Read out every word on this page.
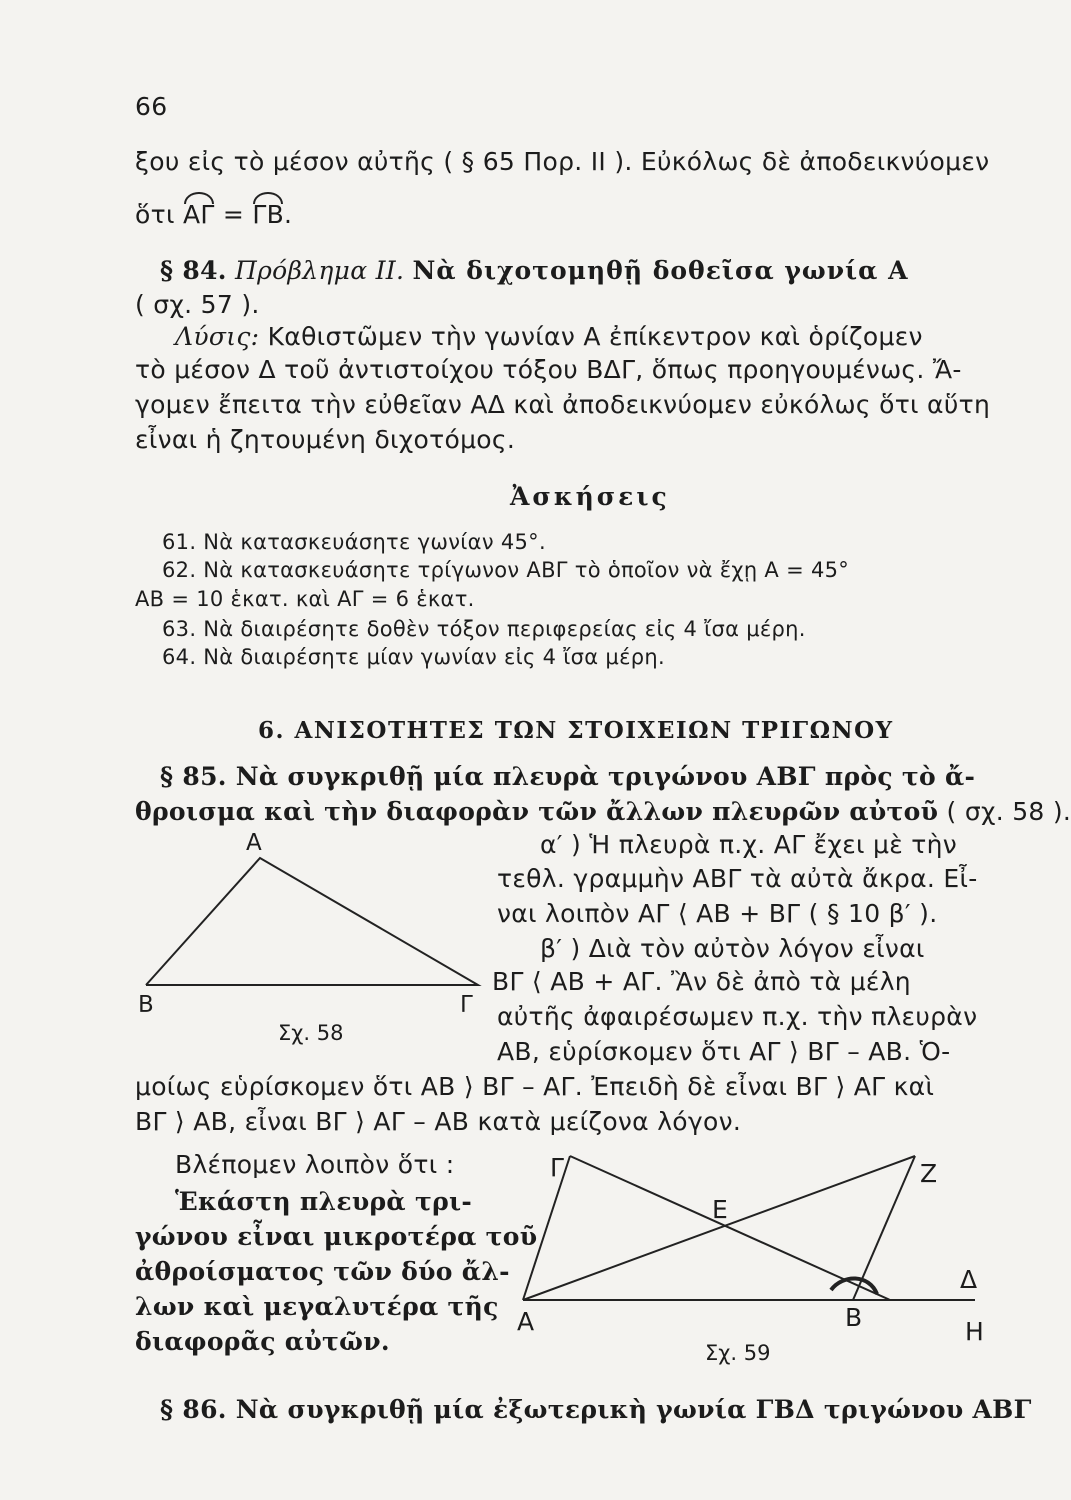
66
ξου εἰς τὸ μέσον αὐτῆς ( § 65 Πορ. ΙΙ ). Εὐκόλως δὲ ἀποδεικνύομεν
ὅτι ΑΓ = ΓΒ.
§ 84. Πρόβλημα ΙΙ. Νὰ διχοτομηθῇ δοθεῖσα γωνία Α
( σχ. 57 ).
Λύσις: Καθιστῶμεν τὴν γωνίαν Α ἐπίκεντρον καὶ ὁρίζομεν
τὸ μέσον Δ τοῦ ἀντιστοίχου τόξου ΒΔΓ, ὅπως προηγουμένως. Ἄ-
γομεν ἔπειτα τὴν εὐθεῖαν ΑΔ καὶ ἀποδεικνύομεν εὐκόλως ὅτι αὕτη
εἶναι ἡ ζητουμένη διχοτόμος.
Ἀσκήσεις
61. Νὰ κατασκευάσητε γωνίαν 45°.
62. Νὰ κατασκευάσητε τρίγωνον ΑΒΓ τὸ ὁποῖον νὰ ἔχῃ Α = 45°
ΑΒ = 10 ἑκατ. καὶ ΑΓ = 6 ἑκατ.
63. Νὰ διαιρέσητε δοθὲν τόξον περιφερείας εἰς 4 ἴσα μέρη.
64. Νὰ διαιρέσητε μίαν γωνίαν εἰς 4 ἴσα μέρη.
6. ΑΝΙΣΟΤΗΤΕΣ ΤΩΝ ΣΤΟΙΧΕΙΩΝ ΤΡΙΓΩΝΟΥ
§ 85. Νὰ συγκριθῇ μία πλευρὰ τριγώνου ΑΒΓ πρὸς τὸ ἄ-
θροισμα καὶ τὴν διαφορὰν τῶν ἄλλων πλευρῶν αὐτοῦ ( σχ. 58 ).
α′ ) Ἡ πλευρὰ π.χ. ΑΓ ἔχει μὲ τὴν
τεθλ. γραμμὴν ΑΒΓ τὰ αὐτὰ ἄκρα. Εἶ-
ναι λοιπὸν ΑΓ ⟨ ΑΒ + ΒΓ ( § 10 β′ ).
β′ ) Διὰ τὸν αὐτὸν λόγον εἶναι
ΒΓ ⟨ ΑΒ + ΑΓ. Ἂν δὲ ἀπὸ τὰ μέλη
αὐτῆς ἀφαιρέσωμεν π.χ. τὴν πλευρὰν
ΑΒ, εὑρίσκομεν ὅτι ΑΓ ⟩ ΒΓ – ΑΒ. Ὁ-
Α
Β	Γ
Σχ. 58
μοίως εὑρίσκομεν ὅτι ΑΒ ⟩ ΒΓ – ΑΓ. Ἐπειδὴ δὲ εἶναι ΒΓ ⟩ ΑΓ καὶ
ΒΓ ⟩ ΑΒ, εἶναι ΒΓ ⟩ ΑΓ – ΑΒ κατὰ μείζονα λόγον.
Βλέπομεν λοιπὸν ὅτι :
Ἑκάστη πλευρὰ τρι-
γώνου εἶναι μικροτέρα τοῦ
ἀθροίσματος τῶν δύο ἄλ-
λων καὶ μεγαλυτέρα τῆς
διαφορᾶς αὐτῶν.
Γ	Ζ
Ε
Δ
Α	Β	Η
Σχ. 59
§ 86. Νὰ συγκριθῇ μία ἐξωτερικὴ γωνία ΓΒΔ τριγώνου ΑΒΓ
